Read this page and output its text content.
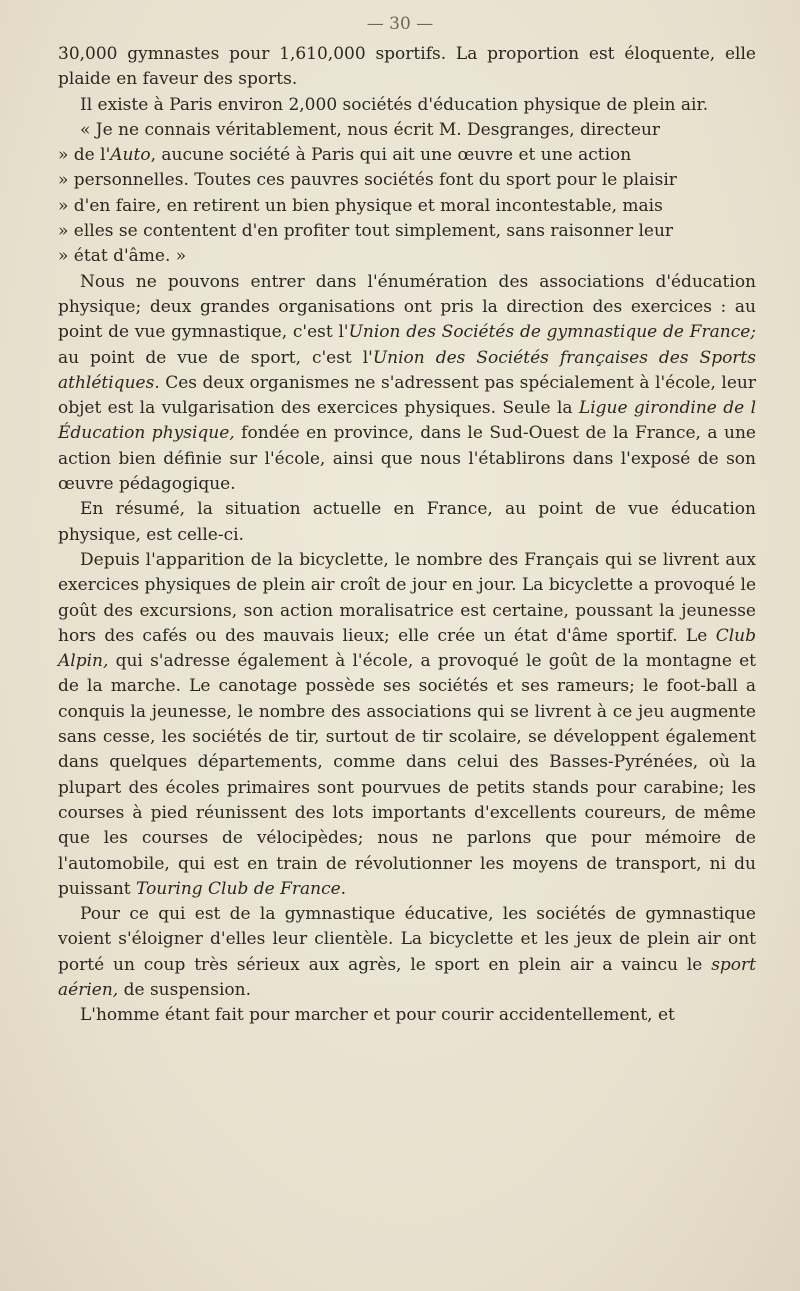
— 30 —

30,000 gymnastes pour 1,610,000 sportifs. La proportion est éloquente, elle plaide en faveur des sports.

Il existe à Paris environ 2,000 sociétés d'éducation physique de plein air.

« Je ne connais véritablement, nous écrit M. Desgranges, directeur

» de l'Auto, aucune société à Paris qui ait une œuvre et une action

» personnelles. Toutes ces pauvres sociétés font du sport pour le plaisir

» d'en faire, en retirent un bien physique et moral incontestable, mais

» elles se contentent d'en profiter tout simplement, sans raisonner leur

» état d'âme. »

Nous ne pouvons entrer dans l'énumération des associations d'éducation physique; deux grandes organisations ont pris la direction des exercices : au point de vue gymnastique, c'est l'Union des Sociétés de gymnastique de France; au point de vue de sport, c'est l'Union des Sociétés françaises des Sports athlétiques. Ces deux organismes ne s'adressent pas spécialement à l'école, leur objet est la vulgarisation des exercices physiques. Seule la Ligue girondine de l Éducation physique, fondée en province, dans le Sud-Ouest de la France, a une action bien définie sur l'école, ainsi que nous l'établirons dans l'exposé de son œuvre pédagogique.

En résumé, la situation actuelle en France, au point de vue éducation physique, est celle-ci.

Depuis l'apparition de la bicyclette, le nombre des Français qui se livrent aux exercices physiques de plein air croît de jour en jour. La bicyclette a provoqué le goût des excursions, son action moralisatrice est certaine, poussant la jeunesse hors des cafés ou des mauvais lieux; elle crée un état d'âme sportif. Le Club Alpin, qui s'adresse également à l'école, a provoqué le goût de la montagne et de la marche. Le canotage possède ses sociétés et ses rameurs; le foot-ball a conquis la jeunesse, le nombre des associations qui se livrent à ce jeu augmente sans cesse, les sociétés de tir, surtout de tir scolaire, se développent également dans quelques départements, comme dans celui des Basses-Pyrénées, où la plupart des écoles primaires sont pourvues de petits stands pour carabine; les courses à pied réunissent des lots importants d'excellents coureurs, de même que les courses de vélocipèdes; nous ne parlons que pour mémoire de l'automobile, qui est en train de révolutionner les moyens de transport, ni du puissant Touring Club de France.

Pour ce qui est de la gymnastique éducative, les sociétés de gymnastique voient s'éloigner d'elles leur clientèle. La bicyclette et les jeux de plein air ont porté un coup très sérieux aux agrès, le sport en plein air a vaincu le sport aérien, de suspension.

L'homme étant fait pour marcher et pour courir accidentellement, et
